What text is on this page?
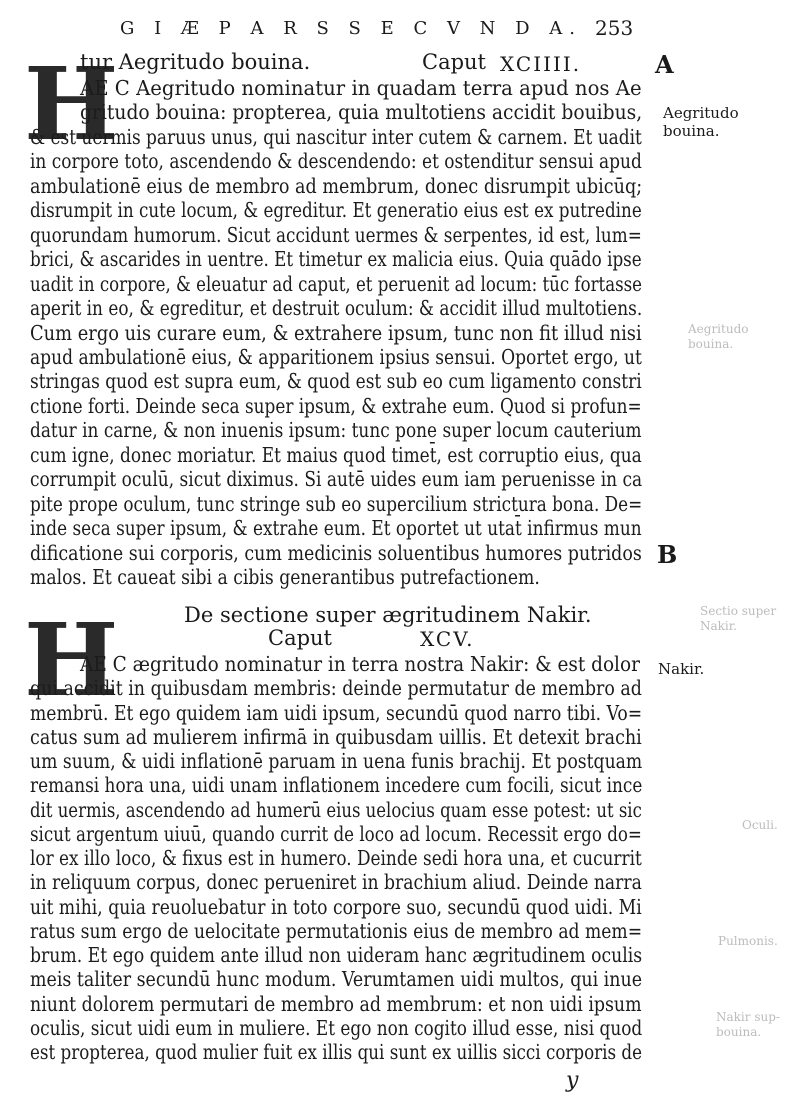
G I Æ P A R S S E C V N D A. 253
H
tur Aegritudo bouina.	Caput XCIIII.
AE C Aegritudo nominatur in quadam terra apud nos Ae
gritudo bouina: propterea, quia multotiens accidit bouibus,
& est uermis paruus unus, qui nascitur inter cutem & carnem. Et uadit
in corpore toto, ascendendo & descendendo: et ostenditur sensui apud
ambulationē eius de membro ad membrum, donec disrumpit ubicūq;
disrumpit in cute locum, & egreditur. Et generatio eius est ex putredine
quorundam humorum. Sicut accidunt uermes & serpentes, id est, lum=
brici, & ascarides in uentre. Et timetur ex malicia eius. Quia quādo ipse
uadit in corpore, & eleuatur ad caput, et peruenit ad locum: tūc fortasse
aperit in eo, & egreditur, et destruit oculum: & accidit illud multotiens.
Cum ergo uis curare eum, & extrahere ipsum, tunc non fit illud nisi
apud ambulationē eius, & apparitionem ipsius sensui. Oportet ergo, ut
stringas quod est supra eum, & quod est sub eo cum ligamento constri
ctione forti. Deinde seca super ipsum, & extrahe eum. Quod si profun=
datur in carne, & non inuenis ipsum: tunc pone super locum cauterium
cum igne, donec moriatur. Et maius quod timet̄, est corruptio eius, qua
corrumpit oculū, sicut diximus. Si autē uides eum iam peruenisse in ca
pite prope oculum, tunc stringe sub eo supercilium strictura bona. De=
inde seca super ipsum, & extrahe eum. Et oportet ut utat̄ infirmus mun
dificatione sui corporis, cum medicinis soluentibus humores putridos
malos. Et caueat sibi a cibis generantibus putrefactionem.
De sectione super ægritudinem Nakir.
Caput	XCV.
H
AE C ægritudo nominatur in terra nostra Nakir: & est dolor
qui accidit in quibusdam membris: deinde permutatur de membro ad
membrū. Et ego quidem iam uidi ipsum, secundū quod narro tibi. Vo=
catus sum ad mulierem infirmā in quibusdam uillis. Et detexit brachi
um suum, & uidi inflationē paruam in uena funis brachij. Et postquam
remansi hora una, uidi unam inflationem incedere cum focili, sicut ince
dit uermis, ascendendo ad humerū eius uelocius quam esse potest: ut sic
sicut argentum uiuū, quando currit de loco ad locum. Recessit ergo do=
lor ex illo loco, & fixus est in humero. Deinde sedi hora una, et cucurrit
in reliquum corpus, donec perueniret in brachium aliud. Deinde narra
uit mihi, quia reuoluebatur in toto corpore suo, secundū quod uidi. Mi
ratus sum ergo de uelocitate permutationis eius de membro ad mem=
brum. Et ego quidem ante illud non uideram hanc ægritudinem oculis
meis taliter secundū hunc modum. Verumtamen uidi multos, qui inue
niunt dolorem permutari de membro ad membrum: et non uidi ipsum
oculis, sicut uidi eum in muliere. Et ego non cogito illud esse, nisi quod
est propterea, quod mulier fuit ex illis qui sunt ex uillis sicci corporis de
A
Aegritudo
bouina.
B
Nakir.
Aegritudo
bouina.
Sectio super
Nakir.
Oculi.
Pulmonis.
Nakir sup-
bouina.
y
